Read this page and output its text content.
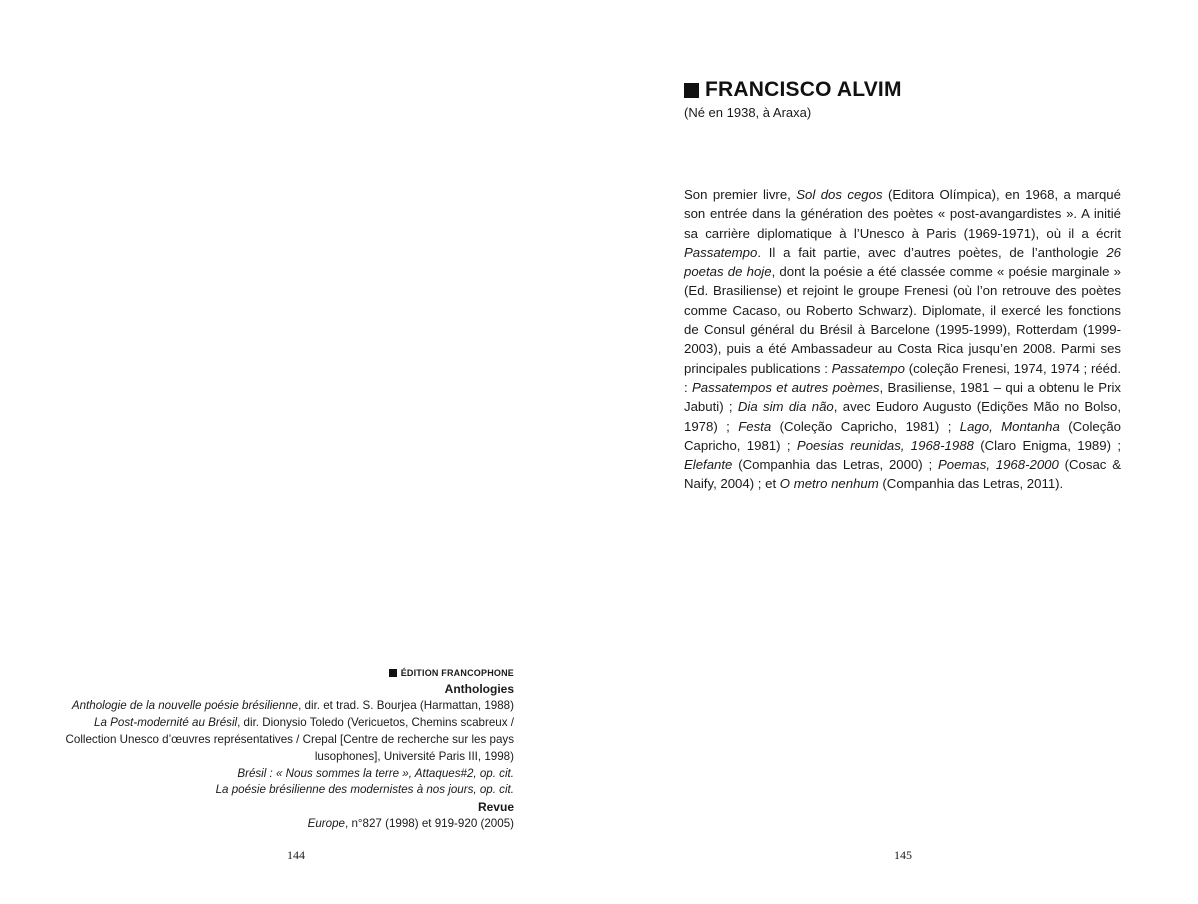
ÉDITION FRANCOPHONE
Anthologies
Anthologie de la nouvelle poésie brésilienne, dir. et trad. S. Bourjea (Harmattan, 1988)
La Post-modernité au Brésil, dir. Dionysio Toledo (Vericuetos, Chemins scabreux / Collection Unesco d’œuvres représentatives / Crepal [Centre de recherche sur les pays lusophones], Université Paris III, 1998)
Brésil : « Nous sommes la terre », Attaques#2, op. cit.
La poésie brésilienne des modernistes à nos jours, op. cit.
Revue
Europe, n°827 (1998) et 919-920 (2005)
144
FRANCISCO ALVIM
(Né en 1938, à Araxa)

Son premier livre, Sol dos cegos (Editora Olímpica), en 1968, a marqué son entrée dans la génération des poètes « post-avangardistes ». A initié sa carrière diplomatique à l’Unesco à Paris (1969-1971), où il a écrit Passatempo. Il a fait partie, avec d’autres poètes, de l’anthologie 26 poetas de hoje, dont la poésie a été classée comme « poésie marginale » (Ed. Brasiliense) et rejoint le groupe Frenesi (où l’on retrouve des poètes comme Cacaso, ou Roberto Schwarz). Diplomate, il exercé les fonctions de Consul général du Brésil à Barcelone (1995-1999), Rotterdam (1999-2003), puis a été Ambassadeur au Costa Rica jusqu’en 2008. Parmi ses principales publications : Passatempo (coleção Frenesi, 1974, 1974 ; rééd. : Passatempos et autres poèmes, Brasiliense, 1981 – qui a obtenu le Prix Jabuti) ; Dia sim dia não, avec Eudoro Augusto (Edições Mão no Bolso, 1978) ; Festa (Coleção Capricho, 1981) ; Lago, Montanha (Coleção Capricho, 1981) ; Poesias reunidas, 1968-1988 (Claro Enigma, 1989) ; Elefante (Companhia das Letras, 2000) ; Poemas, 1968-2000 (Cosac & Naify, 2004) ; et O metro nenhum (Companhia das Letras, 2011).

145
